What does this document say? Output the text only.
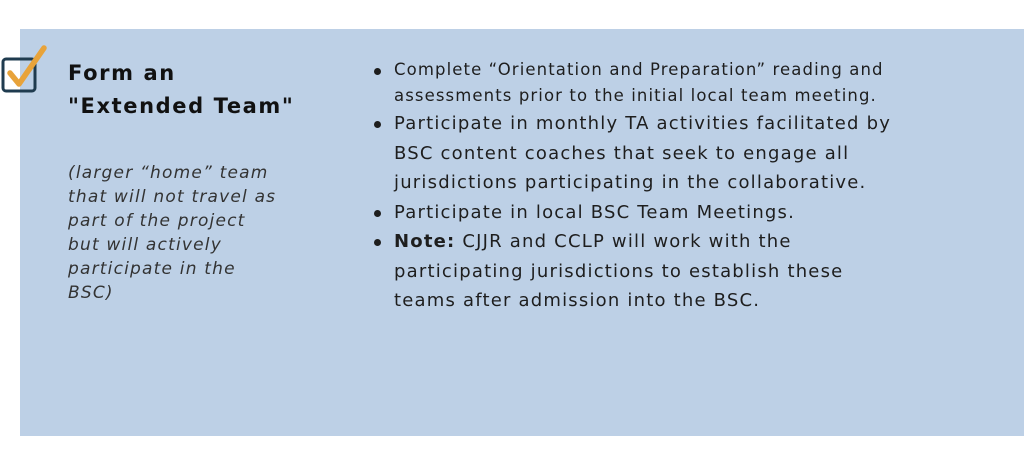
Form an
"Extended Team"

(larger “home” team
that will not travel as
part of the project
but will actively
participate in the
BSC)

Complete “Orientation and Preparation” reading and
assessments prior to the initial local team meeting.
Participate in monthly TA activities facilitated by
BSC content coaches that seek to engage all
jurisdictions participating in the collaborative.
Participate in local BSC Team Meetings.
Note: CJJR and CCLP will work with the
participating jurisdictions to establish these
teams after admission into the BSC.
